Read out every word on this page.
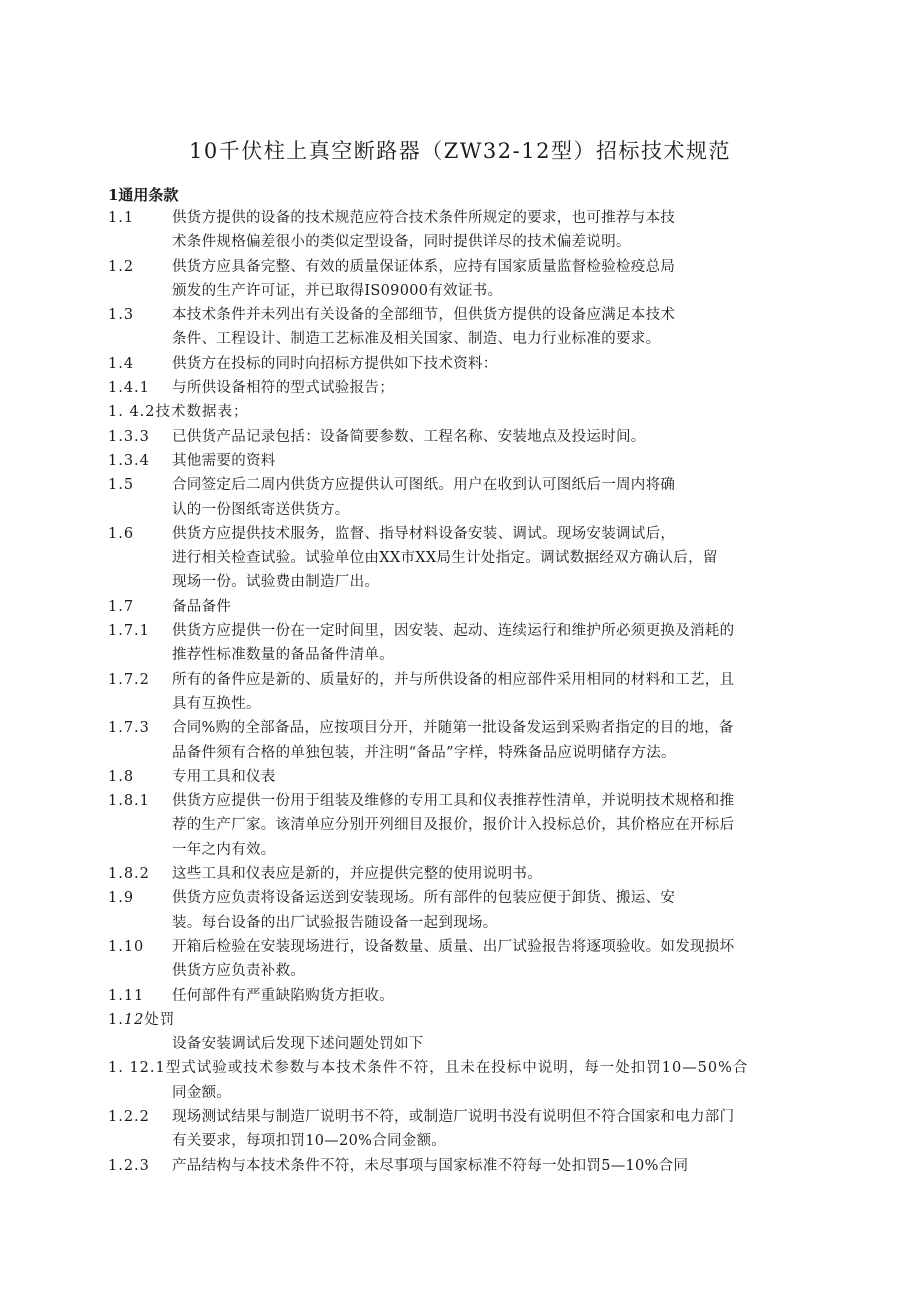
10千伏柱上真空断路器（ZW32-12型）招标技术规范
1通用条款
1.1	供货方提供的设备的技术规范应符合技术条件所规定的要求，也可推荐与本技
术条件规格偏差很小的类似定型设备，同时提供详尽的技术偏差说明。
1.2	供货方应具备完整、有效的质量保证体系，应持有国家质量监督检验检疫总局
颁发的生产许可证，并已取得IS09000有效证书。
1.3	本技术条件并未列出有关设备的全部细节，但供货方提供的设备应满足本技术
条件、工程设计、制造工艺标准及相关国家、制造、电力行业标准的要求。
1.4	供货方在投标的同时向招标方提供如下技术资料：
1.4.1 与所供设备相符的型式试验报告；
1. 4.2技术数据表；
1.3.3 已供货产品记录包括：设备简要参数、工程名称、安装地点及投运时间。
1.3.4 其他需要的资料
1.5	合同签定后二周内供货方应提供认可图纸。用户在收到认可图纸后一周内将确
认的一份图纸寄送供货方。
1.6	供货方应提供技术服务，监督、指导材料设备安装、调试。现场安装调试后，
进行相关检查试验。试验单位由XX市XX局生计处指定。调试数据经双方确认后，留
现场一份。试验费由制造厂出。
1.7	备品备件
1.7.1 供货方应提供一份在一定时间里，因安装、起动、连续运行和维护所必须更换及消耗的
推荐性标准数量的备品备件清单。
1.7.2 所有的备件应是新的、质量好的，并与所供设备的相应部件采用相同的材料和工艺，且
具有互换性。
1.7.3 合同%购的全部备品，应按项目分开，并随第一批设备发运到采购者指定的目的地，备
品备件须有合格的单独包装，并注明“备品”字样，特殊备品应说明储存方法。
1.8	专用工具和仪表
1.8.1 供货方应提供一份用于组装及维修的专用工具和仪表推荐性清单，并说明技术规格和推
荐的生产厂家。该清单应分别开列细目及报价，报价计入投标总价，其价格应在开标后
一年之内有效。
1.8.2 这些工具和仪表应是新的，并应提供完整的使用说明书。
1.9	供货方应负责将设备运送到安装现场。所有部件的包装应便于卸货、搬运、安
装。每台设备的出厂试验报告随设备一起到现场。
1.10 开箱后检验在安装现场进行，设备数量、质量、出厂试验报告将逐项验收。如发现损坏
供货方应负责补救。
1.11 任何部件有严重缺陷购货方拒收。
1.12处罚
设备安装调试后发现下述问题处罚如下
1. 12.1型式试验或技术参数与本技术条件不符，且未在投标中说明，每一处扣罚10—50%合
同金额。
1.2.2 现场测试结果与制造厂说明书不符，或制造厂说明书没有说明但不符合国家和电力部门
有关要求，每项扣罚10—20%合同金额。
1.2.3 产品结构与本技术条件不符，未尽事项与国家标准不符每一处扣罚5—10%合同
